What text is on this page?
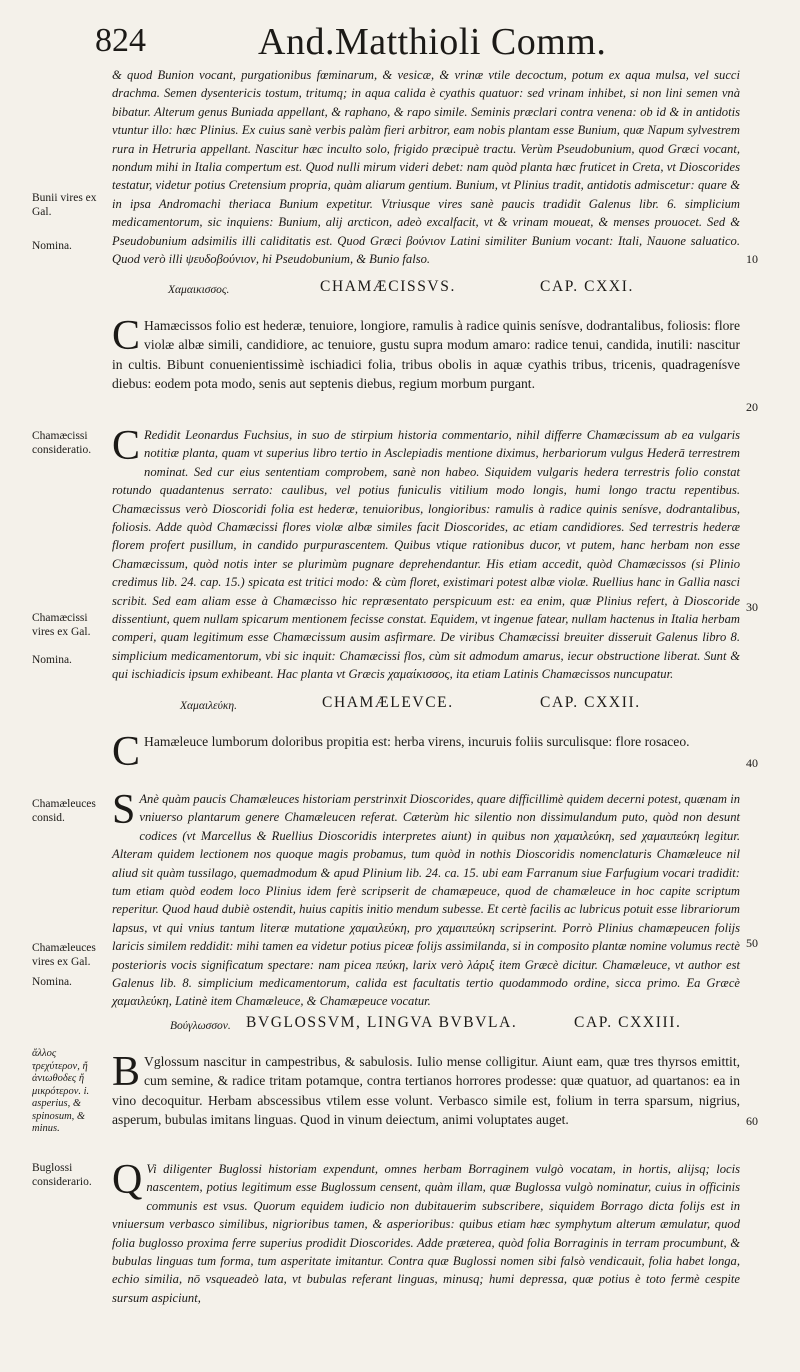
824	And.Matthioli Comm.
& quod Bunion vocant, purgationibus fœminarum, & vesicæ, & vrinæ vtile decoctum, potum ex aqua mulsa, vel succi drachma. Semen dysentericis tostum, tritumq; in aqua calida è cyathis quatuor: sed vrinam inhibet, si non lini semen vnà bibatur. Alterum genus Buniada appellant, & raphano, & rapo simile. Seminis præclari contra venena: ob id & in antidotis vtuntur illo: hæc Plinius. Ex cuius sanè verbis palàm fieri arbitror, eam nobis plantam esse Bunium, quæ Napum sylvestrem rura in Hetruria appellant. Nascitur hæc inculto solo, frigido præcipuè tractu. Verùm Pseudobunium, quod Græci vocant, nondum mihi in Italia compertum est. Quod nulli mirum videri debet: nam quòd planta hæc fruticet in Creta, vt Dioscorides testatur, videtur potius Cretensium propria, quàm aliarum gentium. Bunium, vt Plinius tradit, antidotis admiscetur: quare & in ipsa Andromachi theriaca Bunium expetitur. Vtriusque vires sanè paucis tradidit Galenus libr. 6. simplicium medicamentorum, sic inquiens: Bunium, alij arcticon, adeò excalfacit, vt & vrinam moueat, & menses prouocet. Sed & Pseudobunium adsimilis illi caliditatis est. Quod Græci βούνιον Latini similiter Bunium vocant: Itali, Nauone saluatico. Quod verò illi ψευδοβούνιον, hi Pseudobunium, & Bunio falso.
Χαμαικισσος.	CHAMÆCISSVS.	CAP. CXXI.
C Hamæcissos folio est hederæ, tenuiore, longiore, ramulis à radice quinis senísve, dodrantalibus, foliosis: flore violæ albæ simili, candidiore, ac tenuiore, gustu supra modum amaro: radice tenui, candida, inutili: nascitur in cultis. Bibunt conuenientissimè ischiadici folia, tribus obolis in aquæ cyathis tribus, tricenis, quadragenísve diebus: eodem pota modo, senis aut septenis diebus, regium morbum purgant.
C Redidit Leonardus Fuchsius, in suo de stirpium historia commentario, nihil differre Chamæcissum ab ea vulgaris notitiæ planta, quam vt superius libro tertio in Asclepiadis mentione diximus, herbariorum vulgus Hederā terrestrem nominat. Sed cur eius sententiam comprobem, sanè non habeo. Siquidem vulgaris hedera terrestris folio constat rotundo quadantenus serrato: caulibus, vel potius funiculis vitilium modo longis, humi longo tractu repentibus. Chamæcissus verò Dioscoridi folia est hederæ, tenuioribus, longioribus: ramulis à radice quinis senísve, dodrantalibus, foliosis. Adde quòd Chamæcissi flores violæ albæ similes facit Dioscorides, ac etiam candidiores. Sed terrestris hederæ florem profert pusillum, in candido purpurascentem. Quibus vtique rationibus ducor, vt putem, hanc herbam non esse Chamæcissum, quòd notis inter se plurimùm pugnare deprehendantur. His etiam accedit, quòd Chamæcissos (si Plinio credimus lib. 24. cap. 15.) spicata est tritici modo: & cùm floret, existimari potest albæ violæ. Ruellius hanc in Gallia nasci scribit. Sed eam aliam esse à Chamæcisso hic repræsentato perspicuum est: ea enim, quæ Plinius refert, à Dioscoride dissentiunt, quem nullam spicarum mentionem fecisse constat. Equidem, vt ingenue fatear, nullam hactenus in Italia herbam comperi, quam legitimum esse Chamæcissum ausim asfirmare. De viribus Chamæcissi breuiter disseruit Galenus libro 8. simplicium medicamentorum, vbi sic inquit: Chamæcissi flos, cùm sit admodum amarus, iecur obstructione liberat. Sunt & qui ischiadicis ipsum exhibeant. Hac planta vt Græcis χαμαίκισσος, ita etiam Latinis Chamæcissos nuncupatur.
Χαμαιλεύκη.	CHAMÆLEVCE.	CAP. CXXII.
C Hamæleuce lumborum doloribus propitia est: herba virens, incuruis foliis surculisque: flore rosaceo.
S Anè quàm paucis Chamæleuces historiam perstrinxit Dioscorides, quare difficillimè quidem decerni potest, quænam in vniuerso plantarum genere Chamæleucen referat. Cæterùm hic silentio non dissimulandum puto, quòd non desunt codices (vt Marcellus & Ruellius Dioscoridis interpretes aiunt) in quibus non χαμαιλεύκη, sed χαμαιπεύκη legitur. Alteram quidem lectionem nos quoque magis probamus, tum quòd in nothis Dioscoridis nomenclaturis Chamæleuce nil aliud sit quàm tussilago, quemadmodum & apud Plinium lib. 24. ca. 15. ubi eam Farranum siue Farfugium vocari tradidit: tum etiam quòd eodem loco Plinius idem ferè scripserit de chamæpeuce, quod de chamæleuce in hoc capite scriptum reperitur. Quod haud dubiè ostendit, huius capitis initio mendum subesse. Et certè facilis ac lubricus potuit esse librariorum lapsus, vt qui vnius tantum literæ mutatione χαμαιλεύκη, pro χαμαιπεύκη scripserint. Porrò Plinius chamæpeucen folijs laricis similem reddidit: mihi tamen ea videtur potius piceæ folijs assimilanda, si in composito plantæ nomine volumus rectè posterioris vocis significatum spectare: nam picea πεύκη, larix verò λάριξ item Græcè dicitur. Chamæleuce, vt author est Galenus lib. 8. simplicium medicamentorum, calida est facultatis tertio quodammodo ordine, sicca primo. Ea Græcè χαμαιλεύκη, Latinè item Chamæleuce, & Chamæpeuce vocatur.
Βούγλωσσον. BVGLOSSVM, LINGVA BVBVLA.	CAP. CXXIII.
B Vglossum nascitur in campestribus, & sabulosis. Iulio mense colligitur. Aiunt eam, quæ tres thyrsos emittit, cum semine, & radice tritam potamque, contra tertianos horrores prodesse: quæ quatuor, ad quartanos: ea in vino decoquitur. Herbam abscessibus vtilem esse volunt. Verbasco simile est, folium in terra sparsum, nigrius, asperum, bubulas imitans linguas. Quod in vinum deiectum, animi voluptates auget.
Q Vi diligenter Buglossi historiam expendunt, omnes herbam Borraginem vulgò vocatam, in hortis, alijsq; locis nascentem, potius legitimum esse Buglossum censent, quàm illam, quæ Buglossa vulgò nominatur, cuius in officinis communis est vsus. Quorum equidem iudicio non dubitauerim subscribere, siquidem Borrago dicta folijs est in vniuersum verbasco similibus, nigrioribus tamen, & asperioribus: quibus etiam hæc symphytum alterum æmulatur, quod folia buglosso proxima ferre superius prodidit Dioscorides. Adde præterea, quòd folia Borraginis in terram procumbunt, & bubulas linguas tum forma, tum asperitate imitantur. Contra quæ Buglossi nomen sibi falsò vendicauit, folia habet longa, echio similia, nō vsqueadeò lata, vt bubulas referant linguas, minusq; humi depressa, quæ potius è toto fermè cespite sursum aspiciunt,
Bunii vires ex Gal.
Nomina.
Chamæcissi consideratio.
Chamæcissi vires ex Gal.
Nomina.
Chamæleuces consid.
Chamæleuces vires ex Gal.
Nomina.
ἄλλος τρεχύτερον, ἤ ἀνιωθοδες ἤ μικρότερον. i. asperius, & spinosum, & minus.
Buglossi considerario.
10
20
30
40
50
60
